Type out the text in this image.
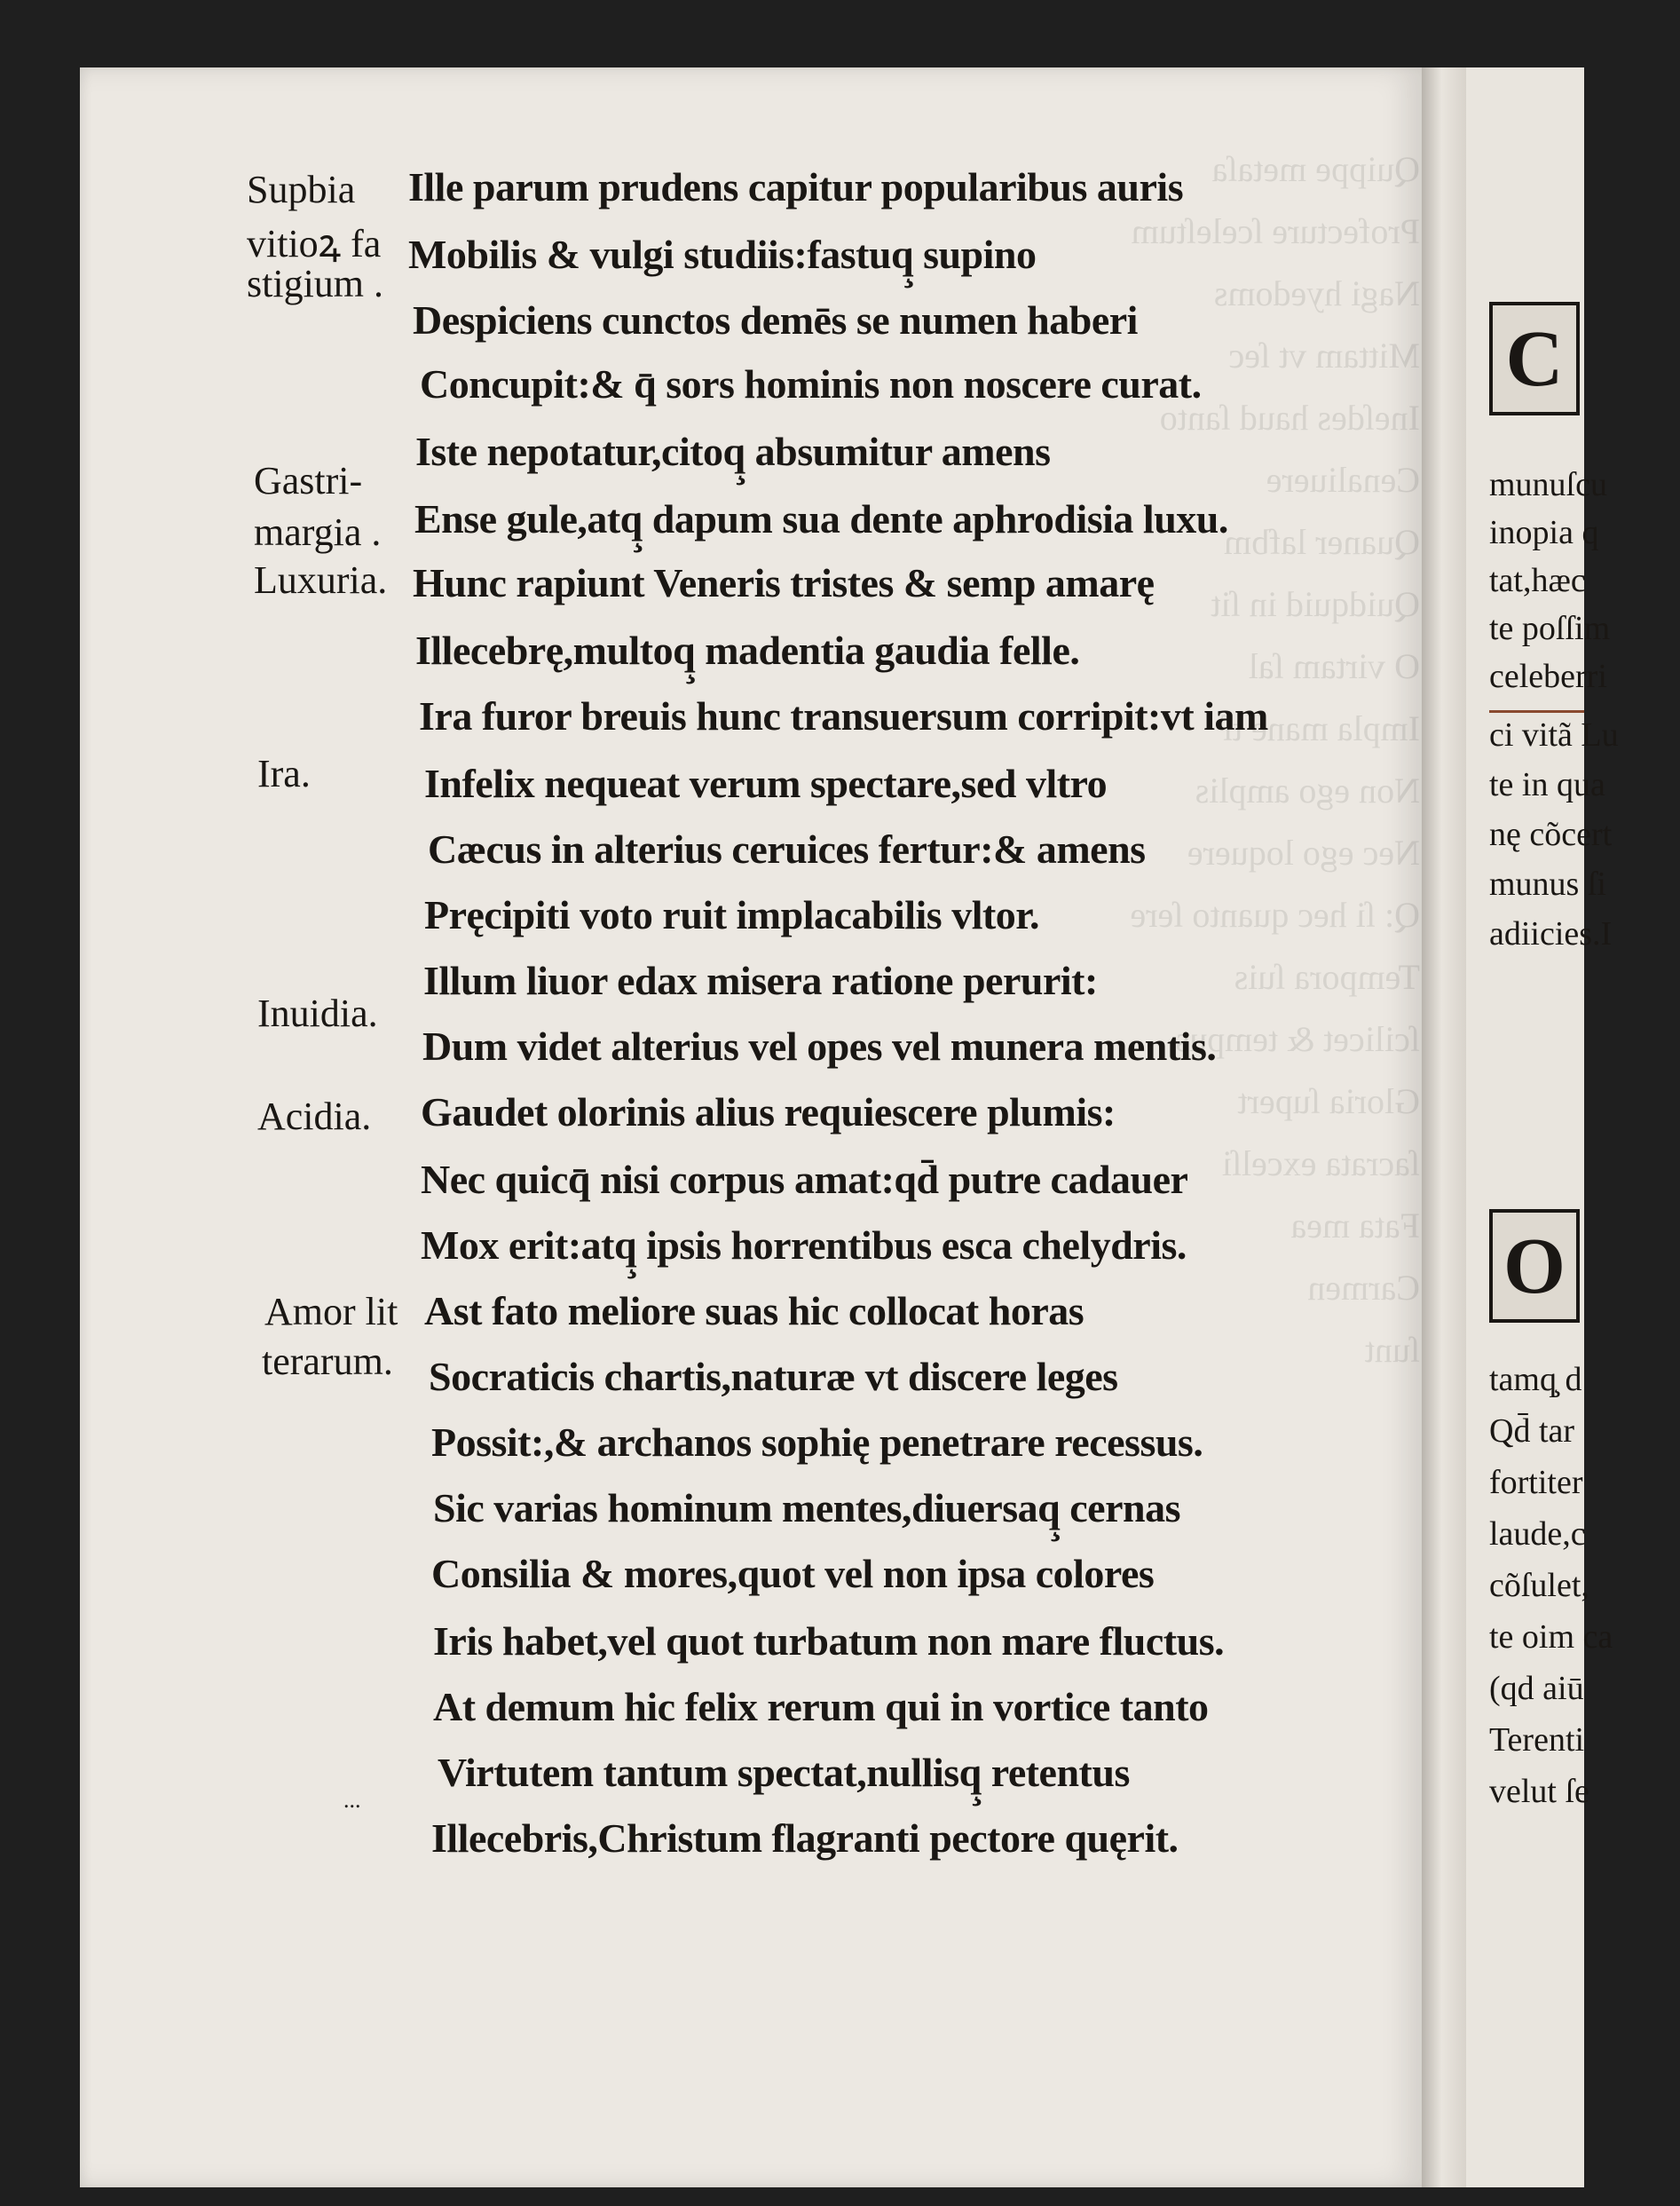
Quippe metaſa
Profecture ſceleſtum
Nagi hyedoms
Mittam vt ſec
Ineſdes haud ſanto
Cenaliuere
Quaner lafbm
Quidquid in ſit
O virtam ſal
Impla mane tſ
Non ego amplis
Nec ego loquere
Q: ſi hec quanto ſere
Tempora ſuis
ſcilicet & tempus
Gloria ſupert
ſacrata excelſi
Fata mea
Carmen
ſunt
Supbia
vitioꝝ fa
stigium .
Gastri-
margia .
Luxuria.
Ira.
Inuidia.
Acidia.
Amor lit
terarum.
...
Ille parum prudens capitur popularibus auris
Mobilis & vulgi studiis:fastuq̧ supino
Despiciens cunctos demēs se numen haberi
Concupit:& q̄ sors hominis non noscere curat.
Iste nepotatur,citoq̧ absumitur amens
Ense gule,atq̧ dapum sua dente aphrodisia luxu.
Hunc rapiunt Veneris tristes & semp amarę
Illecebrę,multoq̧ madentia gaudia felle.
Ira furor breuis hunc transuersum corripit:vt iam
Infelix nequeat verum spectare,sed vltro
Cæcus in alterius ceruices fertur:& amens
Pręcipiti voto ruit implacabilis vltor.
Illum liuor edax misera ratione perurit:
Dum videt alterius vel opes vel munera mentis.
Gaudet olorinis alius requiescere plumis:
Nec quicq̄ nisi corpus amat:qd̄ putre cadauer
Mox erit:atq̧ ipsis horrentibus esca chelydris.
Ast fato meliore suas hic collocat horas
Socraticis chartis,naturæ vt discere leges
Possit:,& archanos sophię penetrare recessus.
Sic varias hominum mentes,diuersaq̧ cernas
Consilia & mores,quot vel non ipsa colores
Iris habet,vel quot turbatum non mare fluctus.
At demum hic felix rerum qui in vortice tanto
Virtutem tantum spectat,nullisq̧ retentus
Illecebris,Christum flagranti pectore quęrit.
C
munuſcu
inopia q
tat,hæc
te poſſim
celeberri
ci vitã Lu
te in qua
nę cõcert
munus ſi
adiicies.I
O
tamq̧ d
Qd̄ tar
fortiter
laude,c
cõſulet,
te oim ca
(qd aiū
Terenti
velut ſe
